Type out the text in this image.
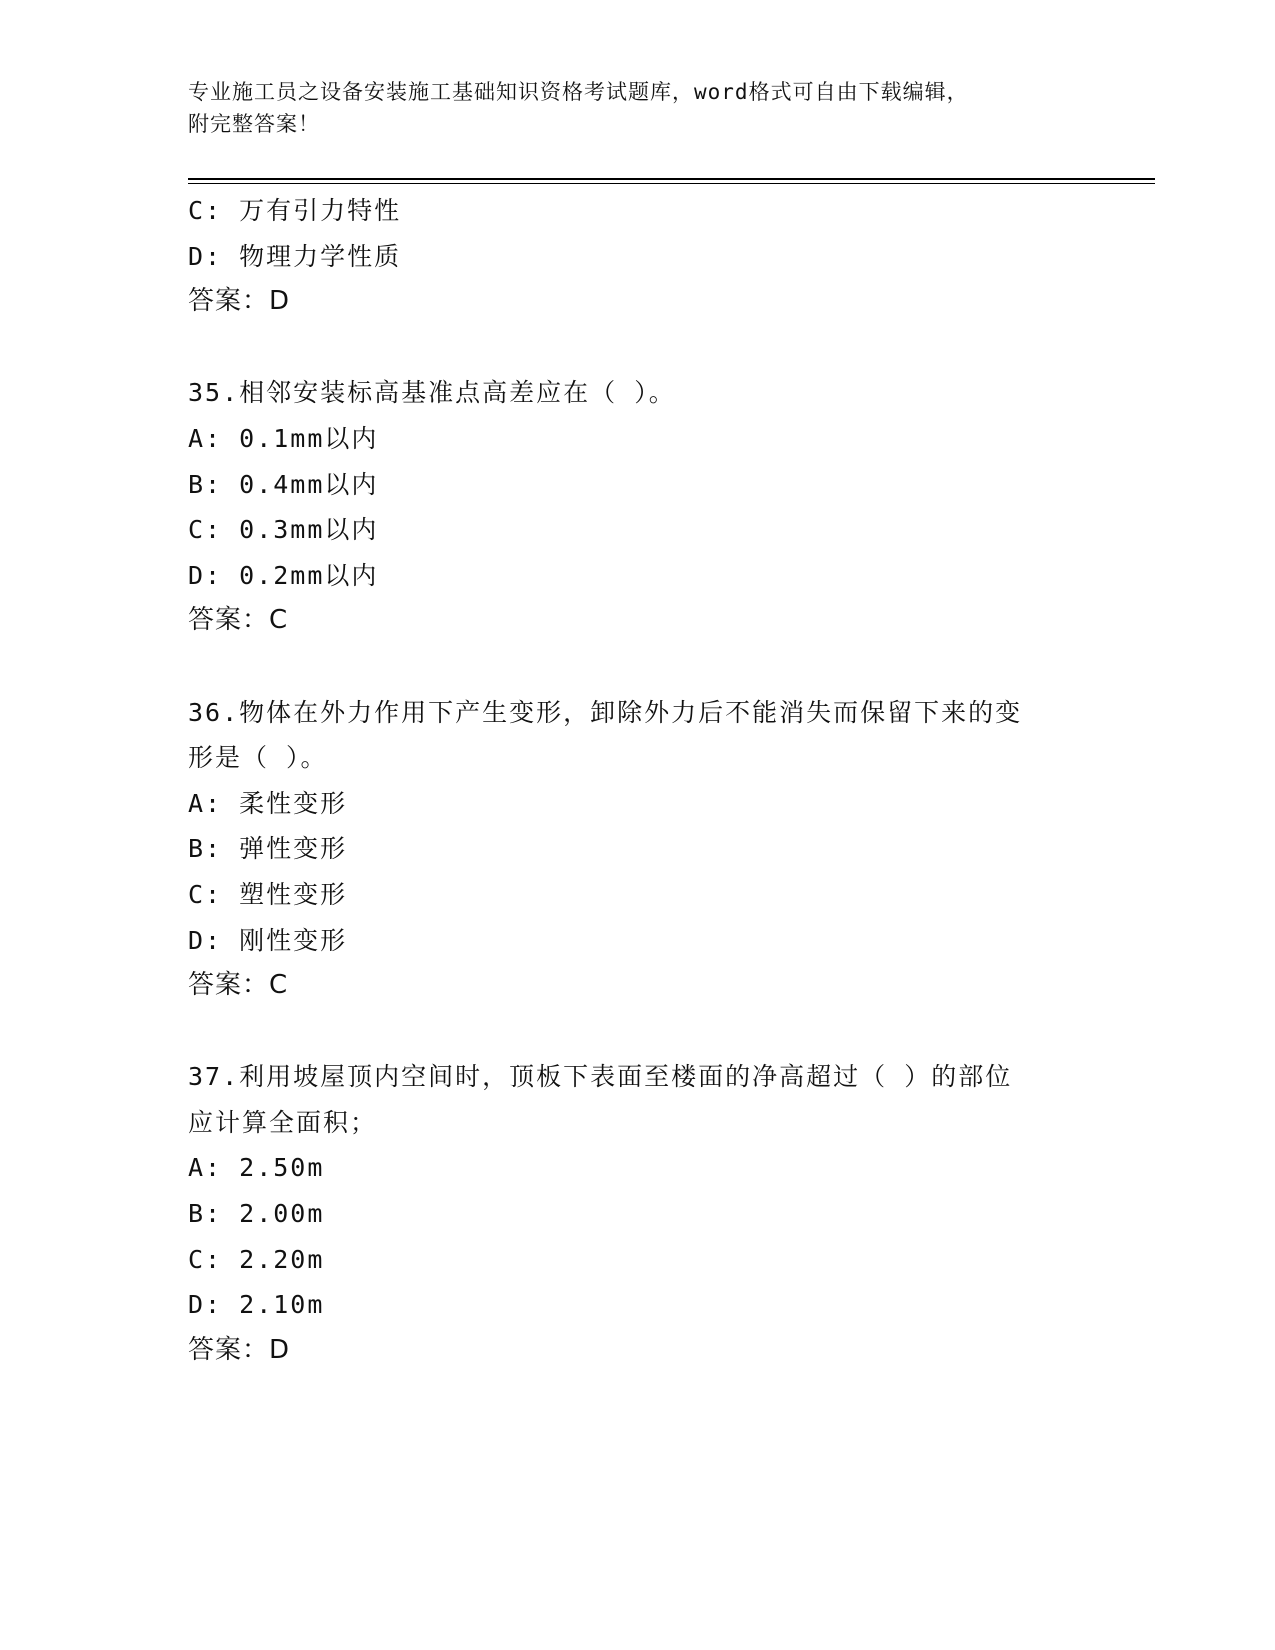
专业施工员之设备安装施工基础知识资格考试题库，word格式可自由下载编辑，
附完整答案！
C: 万有引力特性
D: 物理力学性质
答案：D
35.相邻安装标高基准点高差应在（ ）。
A: 0.1mm以内
B: 0.4mm以内
C: 0.3mm以内
D: 0.2mm以内
答案：C
36.物体在外力作用下产生变形，卸除外力后不能消失而保留下来的变
形是（ ）。
A: 柔性变形
B: 弹性变形
C: 塑性变形
D: 刚性变形
答案：C
37.利用坡屋顶内空间时，顶板下表面至楼面的净高超过（ ）的部位
应计算全面积；
A: 2.50m
B: 2.00m
C: 2.20m
D: 2.10m
答案：D
